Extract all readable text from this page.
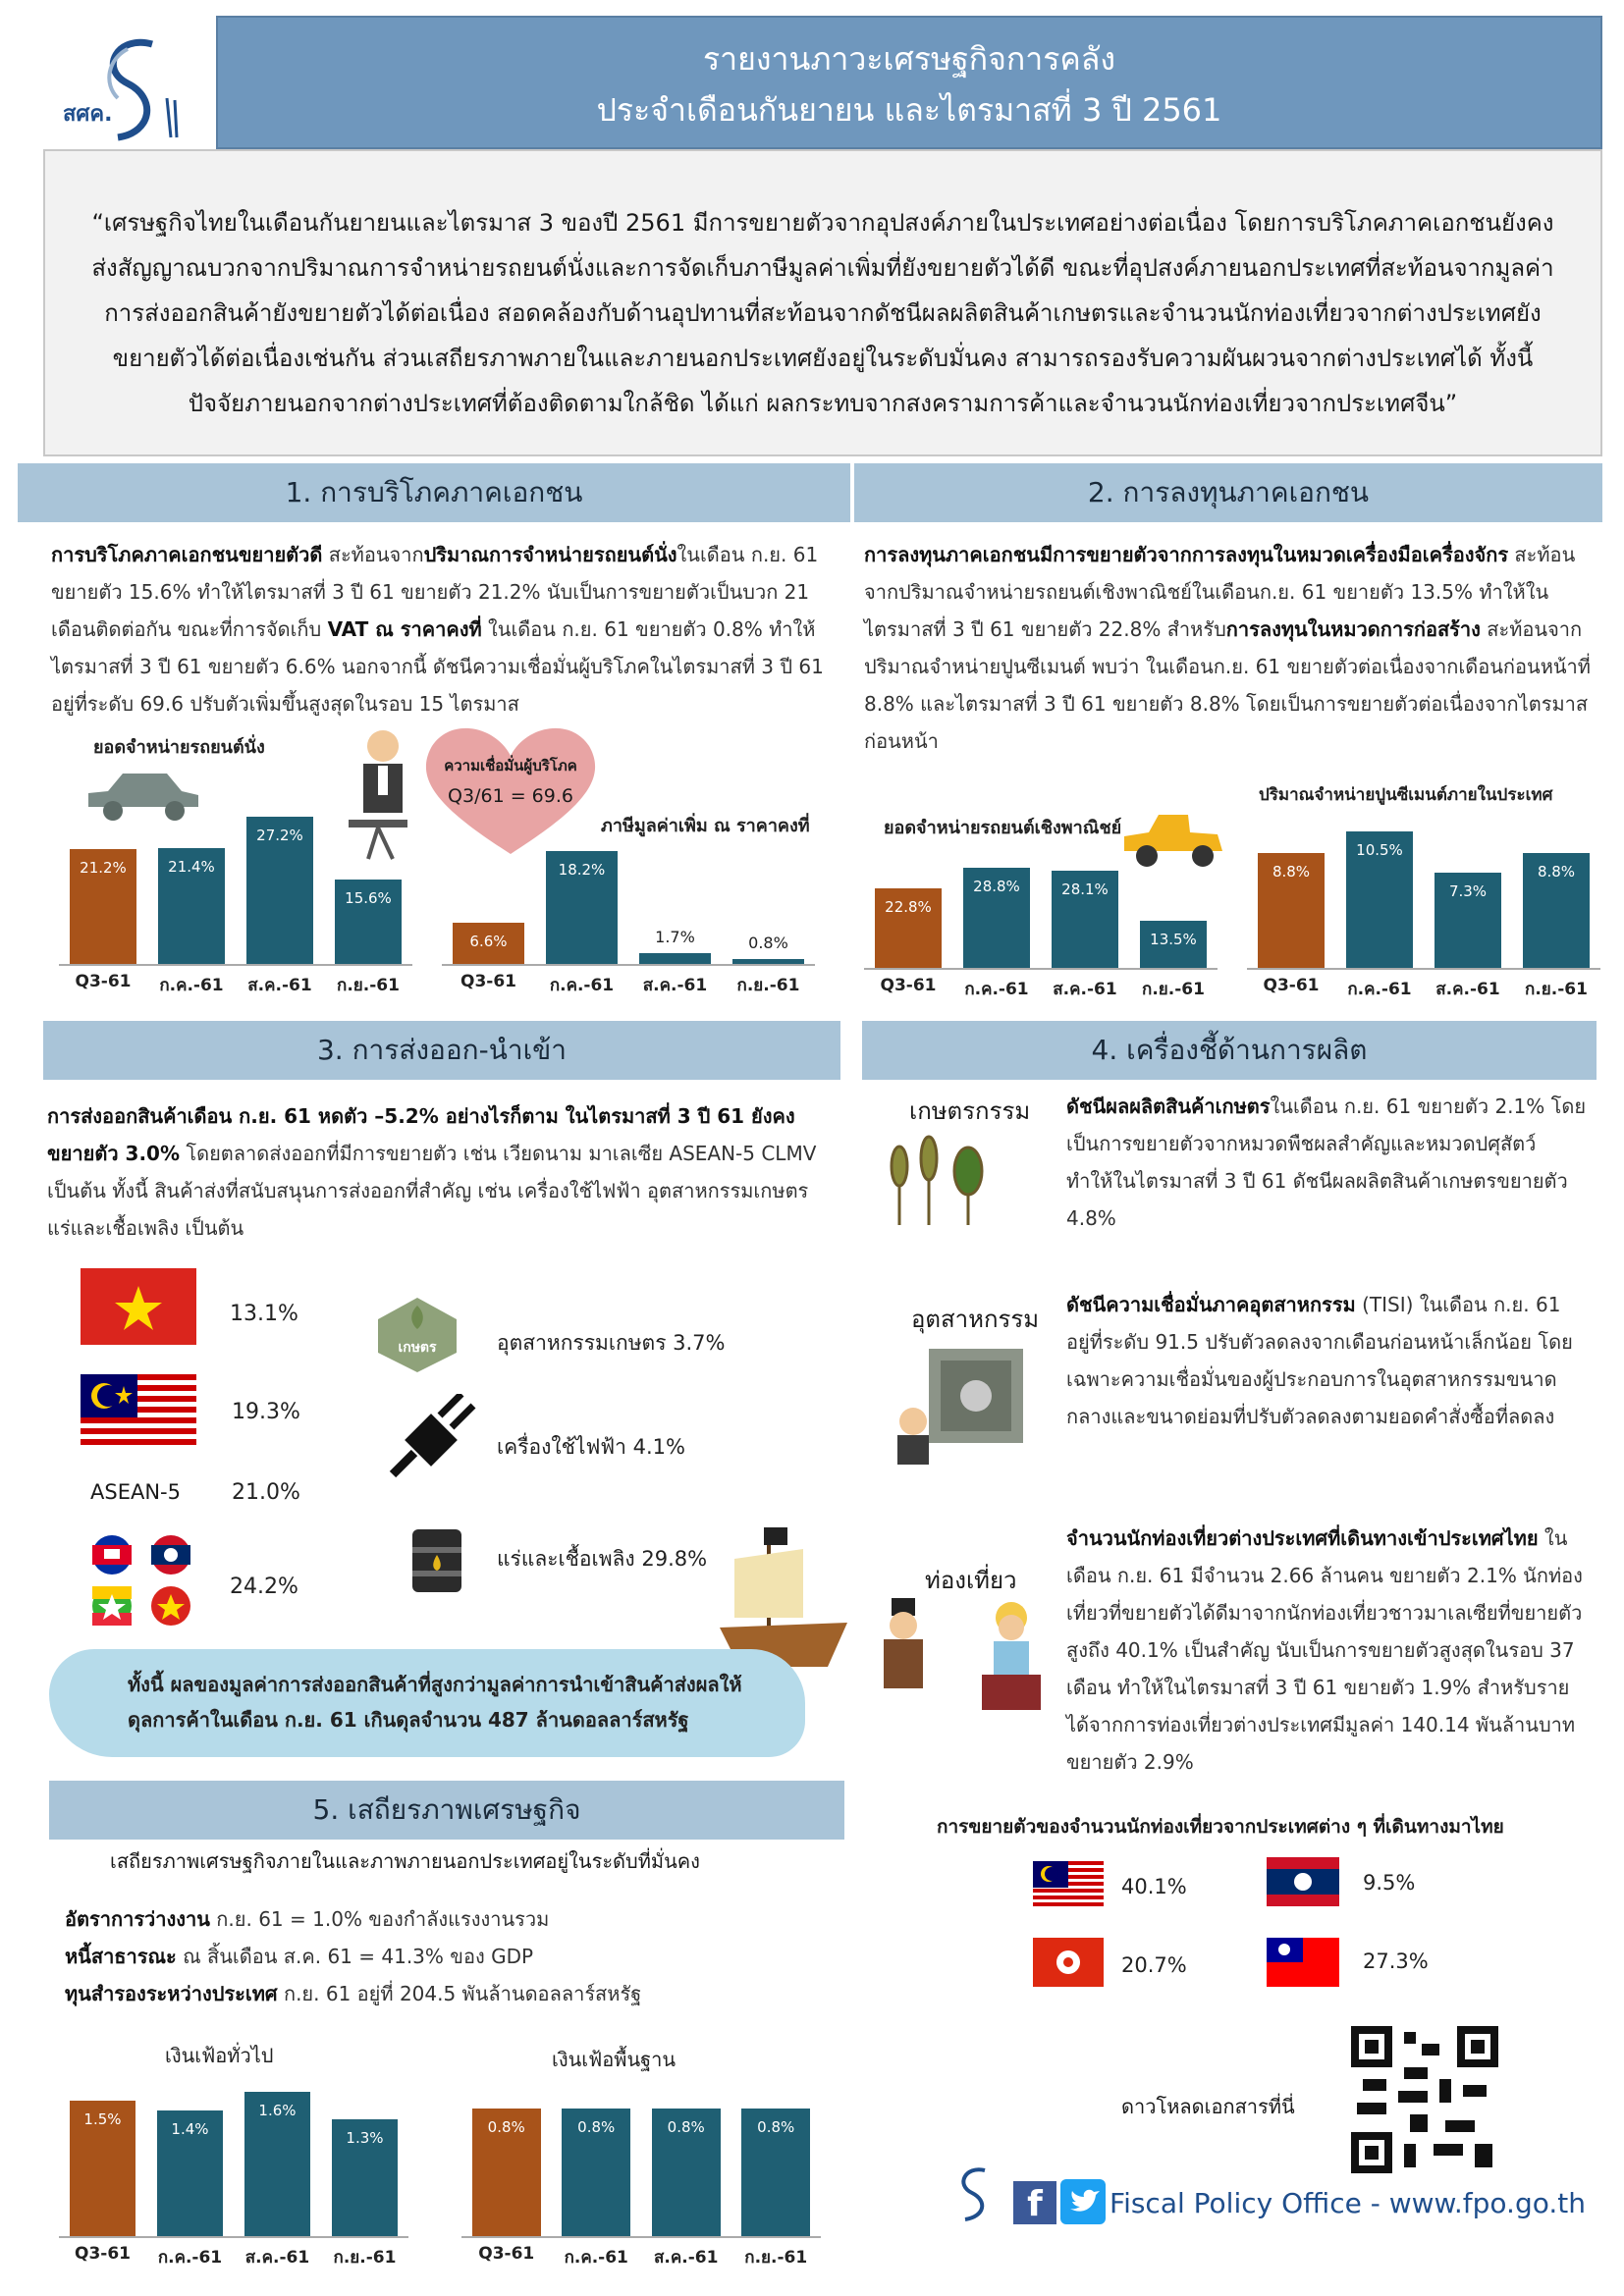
สศค.
รายงานภาวะเศรษฐกิจการคลัง
ประจำเดือนกันยายน และไตรมาสที่ 3 ปี 2561
“เศรษฐกิจไทยในเดือนกันยายนและไตรมาส 3 ของปี 2561 มีการขยายตัวจากอุปสงค์ภายในประเทศอย่างต่อเนื่อง โดยการบริโภคภาคเอกชนยังคงส่งสัญญาณบวกจากปริมาณการจำหน่ายรถยนต์นั่งและการจัดเก็บภาษีมูลค่าเพิ่มที่ยังขยายตัวได้ดี ขณะที่อุปสงค์ภายนอกประเทศที่สะท้อนจากมูลค่าการส่งออกสินค้ายังขยายตัวได้ต่อเนื่อง สอดคล้องกับด้านอุปทานที่สะท้อนจากดัชนีผลผลิตสินค้าเกษตรและจำนวนนักท่องเที่ยวจากต่างประเทศยังขยายตัวได้ต่อเนื่องเช่นกัน ส่วนเสถียรภาพภายในและภายนอกประเทศยังอยู่ในระดับมั่นคง สามารถรองรับความผันผวนจากต่างประเทศได้ ทั้งนี้ ปัจจัยภายนอกจากต่างประเทศที่ต้องติดตามใกล้ชิด ได้แก่ ผลกระทบจากสงครามการค้าและจำนวนนักท่องเที่ยวจากประเทศจีน”
1. การบริโภคภาคเอกชน	2. การลงทุนภาคเอกชน
3. การส่งออก-นำเข้า	4. เครื่องชี้ด้านการผลิต
5. เสถียรภาพเศรษฐกิจ
การบริโภคภาคเอกชนขยายตัวดี สะท้อนจากปริมาณการจำหน่ายรถยนต์นั่งในเดือน ก.ย. 61 ขยายตัว 15.6% ทำให้ไตรมาสที่ 3 ปี 61 ขยายตัว 21.2% นับเป็นการขยายตัวเป็นบวก 21 เดือนติดต่อกัน ขณะที่การจัดเก็บ VAT ณ ราคาคงที่ ในเดือน ก.ย. 61 ขยายตัว 0.8% ทำให้ไตรมาสที่ 3 ปี 61 ขยายตัว 6.6% นอกจากนี้ ดัชนีความเชื่อมั่นผู้บริโภคในไตรมาสที่ 3 ปี 61 อยู่ที่ระดับ 69.6 ปรับตัวเพิ่มขึ้นสูงสุดในรอบ 15 ไตรมาส
การลงทุนภาคเอกชนมีการขยายตัวจากการลงทุนในหมวดเครื่องมือเครื่องจักร สะท้อนจากปริมาณจำหน่ายรถยนต์เชิงพาณิชย์ในเดือนก.ย. 61 ขยายตัว 13.5% ทำให้ในไตรมาสที่ 3 ปี 61 ขยายตัว 22.8% สำหรับการลงทุนในหมวดการก่อสร้าง สะท้อนจากปริมาณจำหน่ายปูนซีเมนต์ พบว่า ในเดือนก.ย. 61 ขยายตัวต่อเนื่องจากเดือนก่อนหน้าที่ 8.8% และไตรมาสที่ 3 ปี 61 ขยายตัว 8.8% โดยเป็นการขยายตัวต่อเนื่องจากไตรมาสก่อนหน้า
ยอดจำหน่ายรถยนต์นั่ง
ความเชื่อมั่นผู้บริโภค
Q3/61 = 69.6
21.2%
Q3-61
21.4%
ก.ค.-61
27.2%
ส.ค.-61
15.6%
ก.ย.-61
ภาษีมูลค่าเพิ่ม ณ ราคาคงที่
6.6%
Q3-61
18.2%
ก.ค.-61
1.7%
ส.ค.-61
0.8%
ก.ย.-61
ยอดจำหน่ายรถยนต์เชิงพาณิชย์
22.8%
Q3-61
28.8%
ก.ค.-61
28.1%
ส.ค.-61
13.5%
ก.ย.-61
ปริมาณจำหน่ายปูนซีเมนต์ภายในประเทศ
8.8%
Q3-61
10.5%
ก.ค.-61
7.3%
ส.ค.-61
8.8%
ก.ย.-61
การส่งออกสินค้าเดือน ก.ย. 61 หดตัว –5.2% อย่างไรก็ตาม ในไตรมาสที่ 3 ปี 61 ยังคงขยายตัว 3.0% โดยตลาดส่งออกที่มีการขยายตัว เช่น เวียดนาม มาเลเซีย ASEAN-5 CLMV เป็นต้น ทั้งนี้ สินค้าส่งที่สนับสนุนการส่งออกที่สำคัญ เช่น เครื่องใช้ไฟฟ้า อุตสาหกรรมเกษตร แร่และเชื้อเพลิง เป็นต้น
13.1%
19.3%
ASEAN-5 21.0%
24.2%
เกษตร	อุตสาหกรรมเกษตร 3.7%
เครื่องใช้ไฟฟ้า 4.1%
แร่และเชื้อเพลิง 29.8%
ทั้งนี้ ผลของมูลค่าการส่งออกสินค้าที่สูงกว่ามูลค่าการนำเข้าสินค้าส่งผลให้ดุลการค้าในเดือน ก.ย. 61 เกินดุลจำนวน 487 ล้านดอลลาร์สหรัฐ
เกษตรกรรม ดัชนีผลผลิตสินค้าเกษตรในเดือน ก.ย. 61 ขยายตัว 2.1% โดยเป็นการขยายตัวจากหมวดพืชผลสำคัญและหมวดปศุสัตว์ ทำให้ในไตรมาสที่ 3 ปี 61 ดัชนีผลผลิตสินค้าเกษตรขยายตัว 4.8%
อุตสาหกรรม
ดัชนีความเชื่อมั่นภาคอุตสาหกรรม (TISI) ในเดือน ก.ย. 61 อยู่ที่ระดับ 91.5 ปรับตัวลดลงจากเดือนก่อนหน้าเล็กน้อย โดยเฉพาะความเชื่อมั่นของผู้ประกอบการในอุตสาหกรรมขนาดกลางและขนาดย่อมที่ปรับตัวลดลงตามยอดคำสั่งซื้อที่ลดลง
ท่องเที่ยว
จำนวนนักท่องเที่ยวต่างประเทศที่เดินทางเข้าประเทศไทย ในเดือน ก.ย. 61 มีจำนวน 2.66 ล้านคน ขยายตัว 2.1% นักท่องเที่ยวที่ขยายตัวได้ดีมาจากนักท่องเที่ยวชาวมาเลเซียที่ขยายตัวสูงถึง 40.1% เป็นสำคัญ นับเป็นการขยายตัวสูงสุดในรอบ 37 เดือน ทำให้ในไตรมาสที่ 3 ปี 61 ขยายตัว 1.9% สำหรับรายได้จากการท่องเที่ยวต่างประเทศมีมูลค่า 140.14 พันล้านบาท ขยายตัว 2.9%
การขยายตัวของจำนวนนักท่องเที่ยวจากประเทศต่าง ๆ ที่เดินทางมาไทย
40.1%	9.5%
20.7%	27.3%
เสถียรภาพเศรษฐกิจภายในและภาพภายนอกประเทศอยู่ในระดับที่มั่นคง
อัตราการว่างงาน ก.ย. 61 = 1.0% ของกำลังแรงงานรวม
หนี้สาธารณะ ณ สิ้นเดือน ส.ค. 61 = 41.3% ของ GDP
ทุนสำรองระหว่างประเทศ ก.ย. 61 อยู่ที่ 204.5 พันล้านดอลลาร์สหรัฐ
เงินเฟ้อทั่วไป
1.5%
Q3-61
1.4%
ก.ค.-61
1.6%
ส.ค.-61
1.3%
ก.ย.-61
เงินเฟ้อพื้นฐาน
0.8%
Q3-61
0.8%
ก.ค.-61
0.8%
ส.ค.-61
0.8%
ก.ย.-61
ดาวโหลดเอกสารที่นี่
f	Fiscal Policy Office - www.fpo.go.th
